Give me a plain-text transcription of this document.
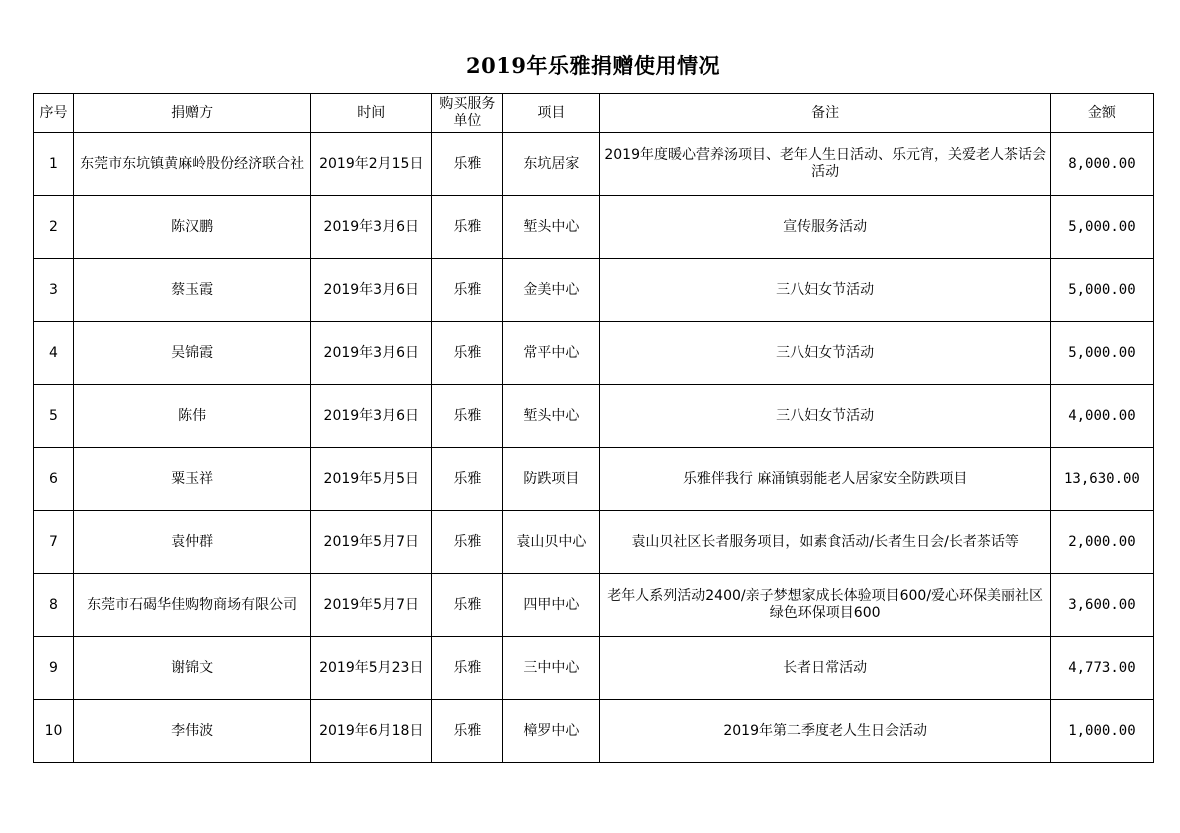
2019年乐雅捐赠使用情况
序号	捐赠方	时间	购买服务单位	项目	备注	金额
1	东莞市东坑镇黄麻岭股份经济联合社	2019年2月15日	乐雅	东坑居家	2019年度暖心营养汤项目、老年人生日活动、乐元宵，关爱老人茶话会活动	8,000.00
2	陈汉鹏	2019年3月6日	乐雅	堑头中心	宣传服务活动	5,000.00
3	蔡玉霞	2019年3月6日	乐雅	金美中心	三八妇女节活动	5,000.00
4	吴锦霞	2019年3月6日	乐雅	常平中心	三八妇女节活动	5,000.00
5	陈伟	2019年3月6日	乐雅	堑头中心	三八妇女节活动	4,000.00
6	粟玉祥	2019年5月5日	乐雅	防跌项目	乐雅伴我行 麻涌镇弱能老人居家安全防跌项目	13,630.00
7	袁仲群	2019年5月7日	乐雅	袁山贝中心	袁山贝社区长者服务项目，如素食活动/长者生日会/长者茶话等	2,000.00
8	东莞市石碣华佳购物商场有限公司	2019年5月7日	乐雅	四甲中心	老年人系列活动2400/亲子梦想家成长体验项目600/爱心环保美丽社区绿色环保项目600	3,600.00
9	谢锦文	2019年5月23日	乐雅	三中中心	长者日常活动	4,773.00
10	李伟波	2019年6月18日	乐雅	樟罗中心	2019年第二季度老人生日会活动	1,000.00
